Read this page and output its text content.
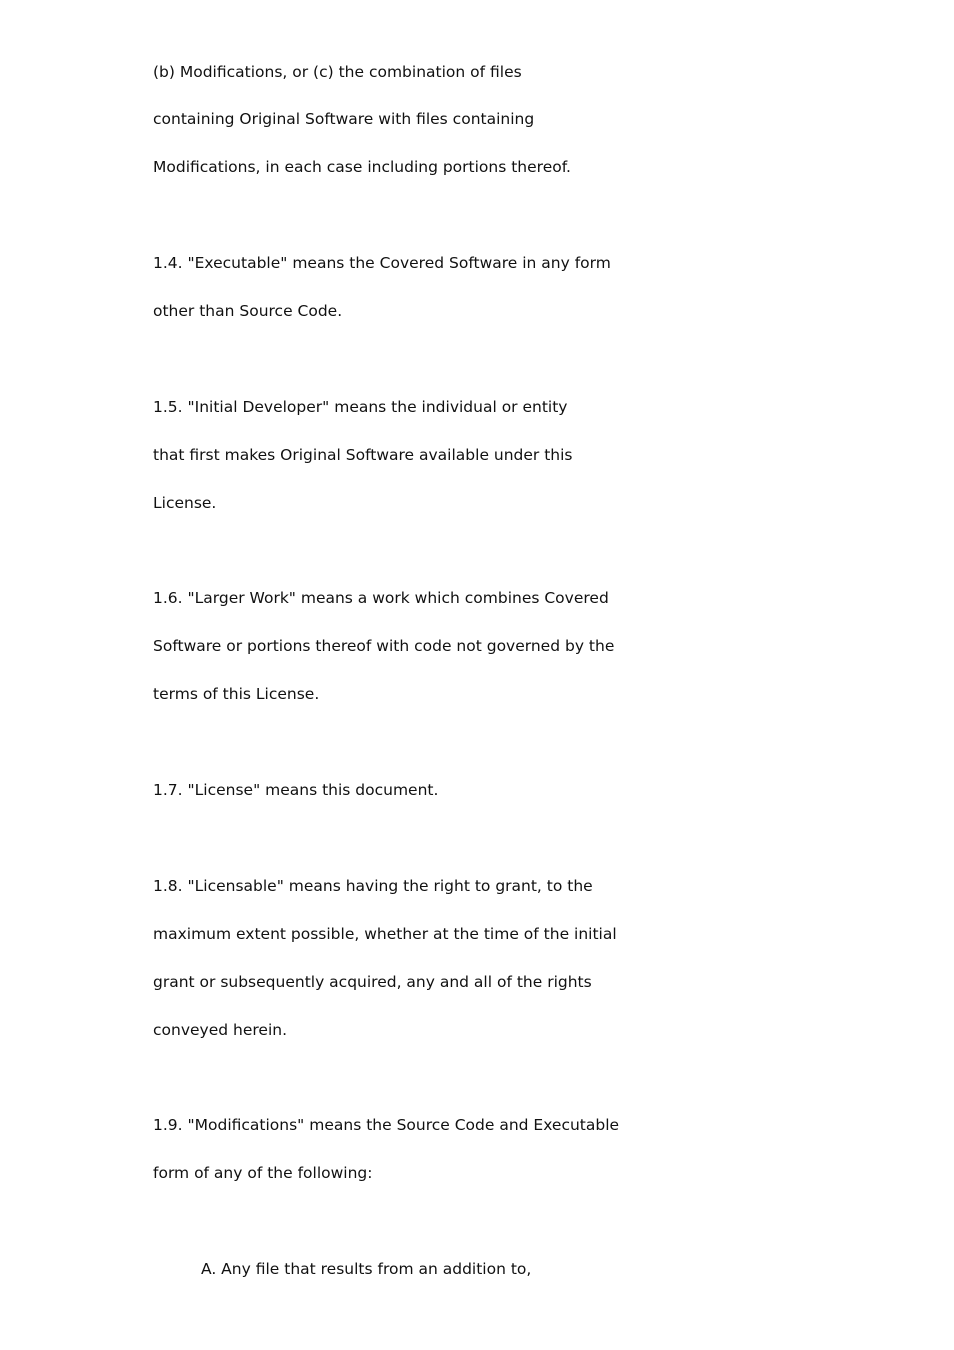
(b) Modifications, or (c) the combination of files
containing Original Software with files containing
Modifications, in each case including portions thereof.
1.4. "Executable" means the Covered Software in any form
other than Source Code.
1.5. "Initial Developer" means the individual or entity
that first makes Original Software available under this
License.
1.6. "Larger Work" means a work which combines Covered
Software or portions thereof with code not governed by the
terms of this License.
1.7. "License" means this document.
1.8. "Licensable" means having the right to grant, to the
maximum extent possible, whether at the time of the initial
grant or subsequently acquired, any and all of the rights
conveyed herein.
1.9. "Modifications" means the Source Code and Executable
form of any of the following:
A. Any file that results from an addition to,
